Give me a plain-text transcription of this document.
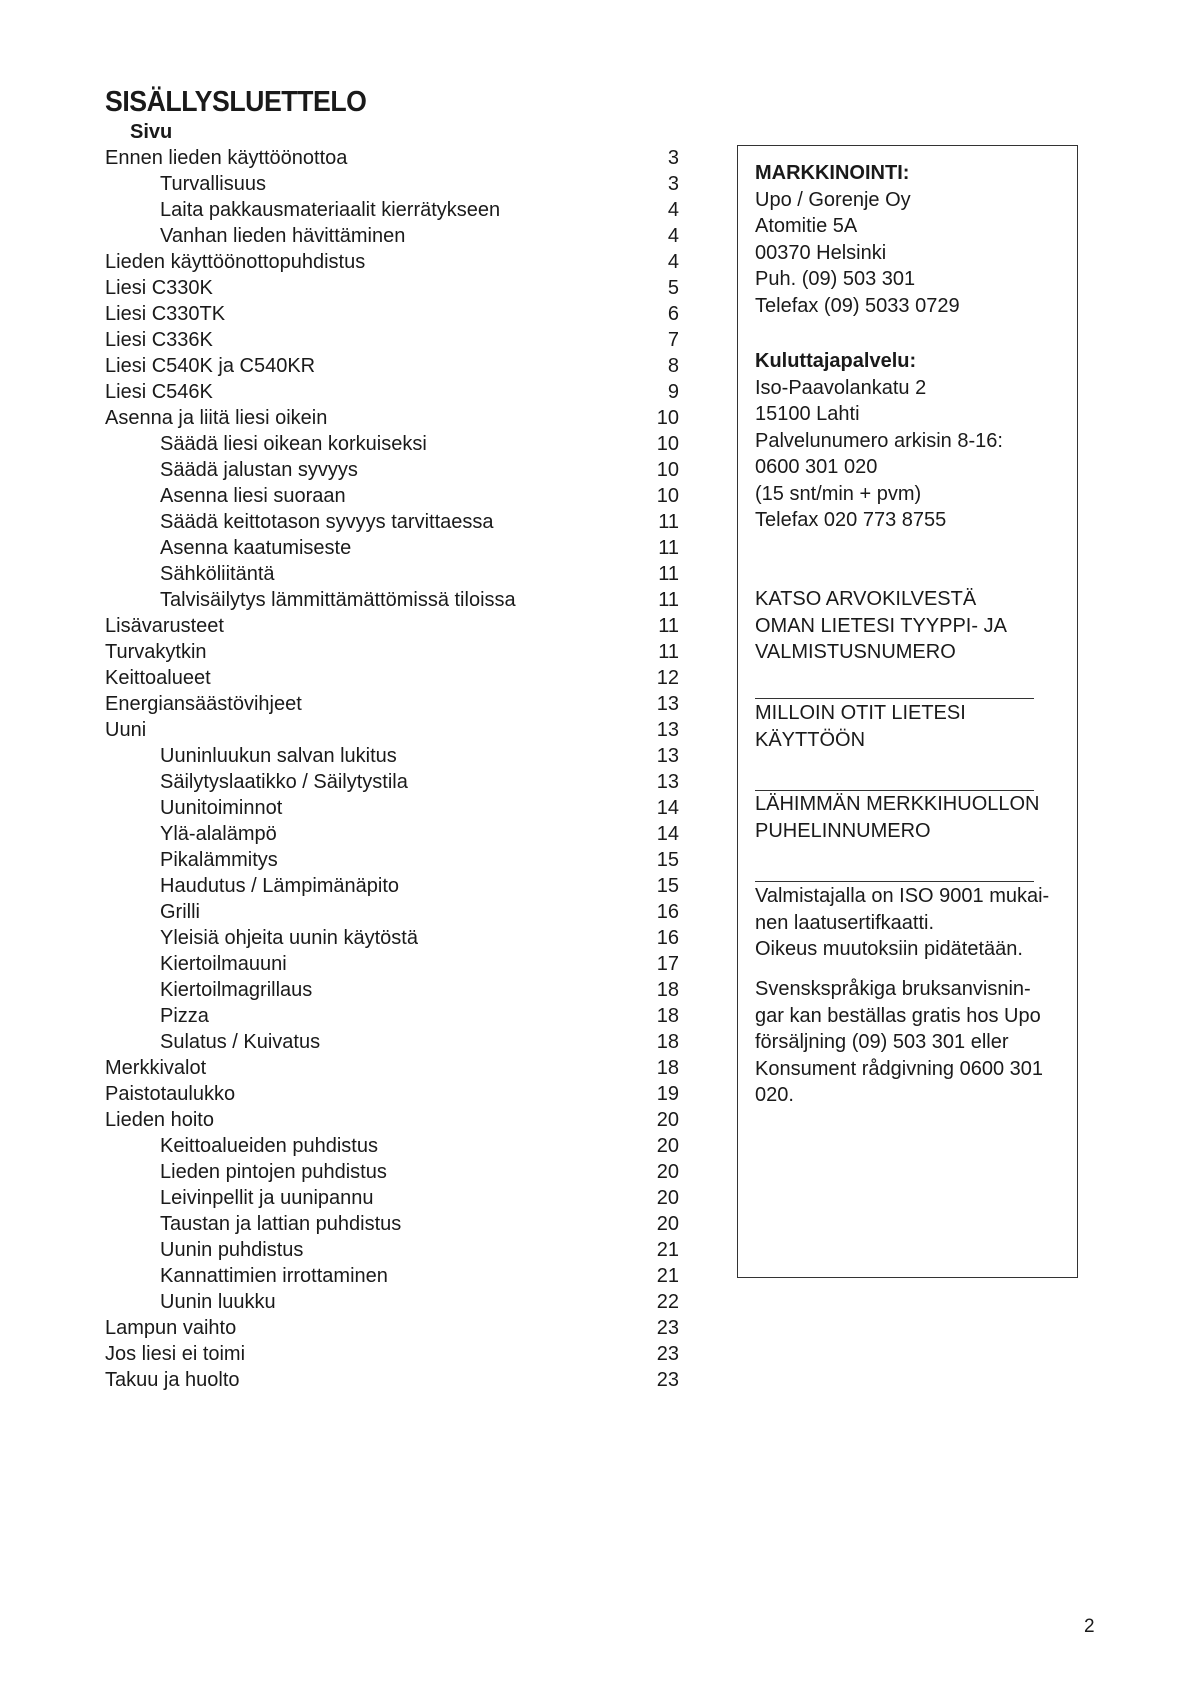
SISÄLLYSLUETTELO
Sivu
Ennen lieden käyttöönottoa	3
Turvallisuus	3
Laita pakkausmateriaalit kierrätykseen	4
Vanhan lieden hävittäminen	4
Lieden käyttöönottopuhdistus	4
Liesi C330K	5
Liesi C330TK	6
Liesi C336K	7
Liesi C540K ja C540KR	8
Liesi C546K	9
Asenna ja liitä liesi oikein	10
Säädä liesi oikean korkuiseksi	10
Säädä jalustan syvyys	10
Asenna liesi suoraan	10
Säädä keittotason syvyys tarvittaessa	11
Asenna kaatumiseste	11
Sähköliitäntä	11
Talvisäilytys lämmittämättömissä tiloissa	11
Lisävarusteet	11
Turvakytkin	11
Keittoalueet	12
Energiansäästövihjeet	13
Uuni	13
Uuninluukun salvan lukitus	13
Säilytyslaatikko / Säilytystila	13
Uunitoiminnot	14
Ylä-alalämpö	14
Pikalämmitys	15
Haudutus / Lämpimänäpito	15
Grilli	16
Yleisiä ohjeita uunin käytöstä	16
Kiertoilmauuni	17
Kiertoilmagrillaus	18
Pizza	18
Sulatus / Kuivatus	18
Merkkivalot	18
Paistotaulukko	19
Lieden hoito	20
Keittoalueiden puhdistus	20
Lieden pintojen puhdistus	20
Leivinpellit ja uunipannu	20
Taustan ja lattian puhdistus	20
Uunin puhdistus	21
Kannattimien irrottaminen	21
Uunin luukku	22
Lampun vaihto	23
Jos liesi ei toimi	23
Takuu ja huolto	23
MARKKINOINTI:
Upo / Gorenje Oy
Atomitie 5A
00370 Helsinki
Puh. (09) 503 301
Telefax (09) 5033 0729
Kuluttajapalvelu:
Iso-Paavolankatu 2
15100 Lahti
Palvelunumero arkisin 8-16:
0600 301 020
(15 snt/min + pvm)
Telefax 020 773 8755
KATSO ARVOKILVESTÄ
OMAN LIETESI TYYPPI- JA
VALMISTUSNUMERO
MILLOIN OTIT LIETESI
KÄYTTÖÖN
LÄHIMMÄN MERKKIHUOLLON
PUHELINNUMERO
Valmistajalla on ISO 9001 mukai-
nen laatusertifkaatti.
Oikeus muutoksiin pidätetään.
Svenskspråkiga bruksanvisnin-
gar kan beställas gratis hos Upo
försäljning (09) 503 301 eller
Konsument rådgivning 0600 301
020.
2
